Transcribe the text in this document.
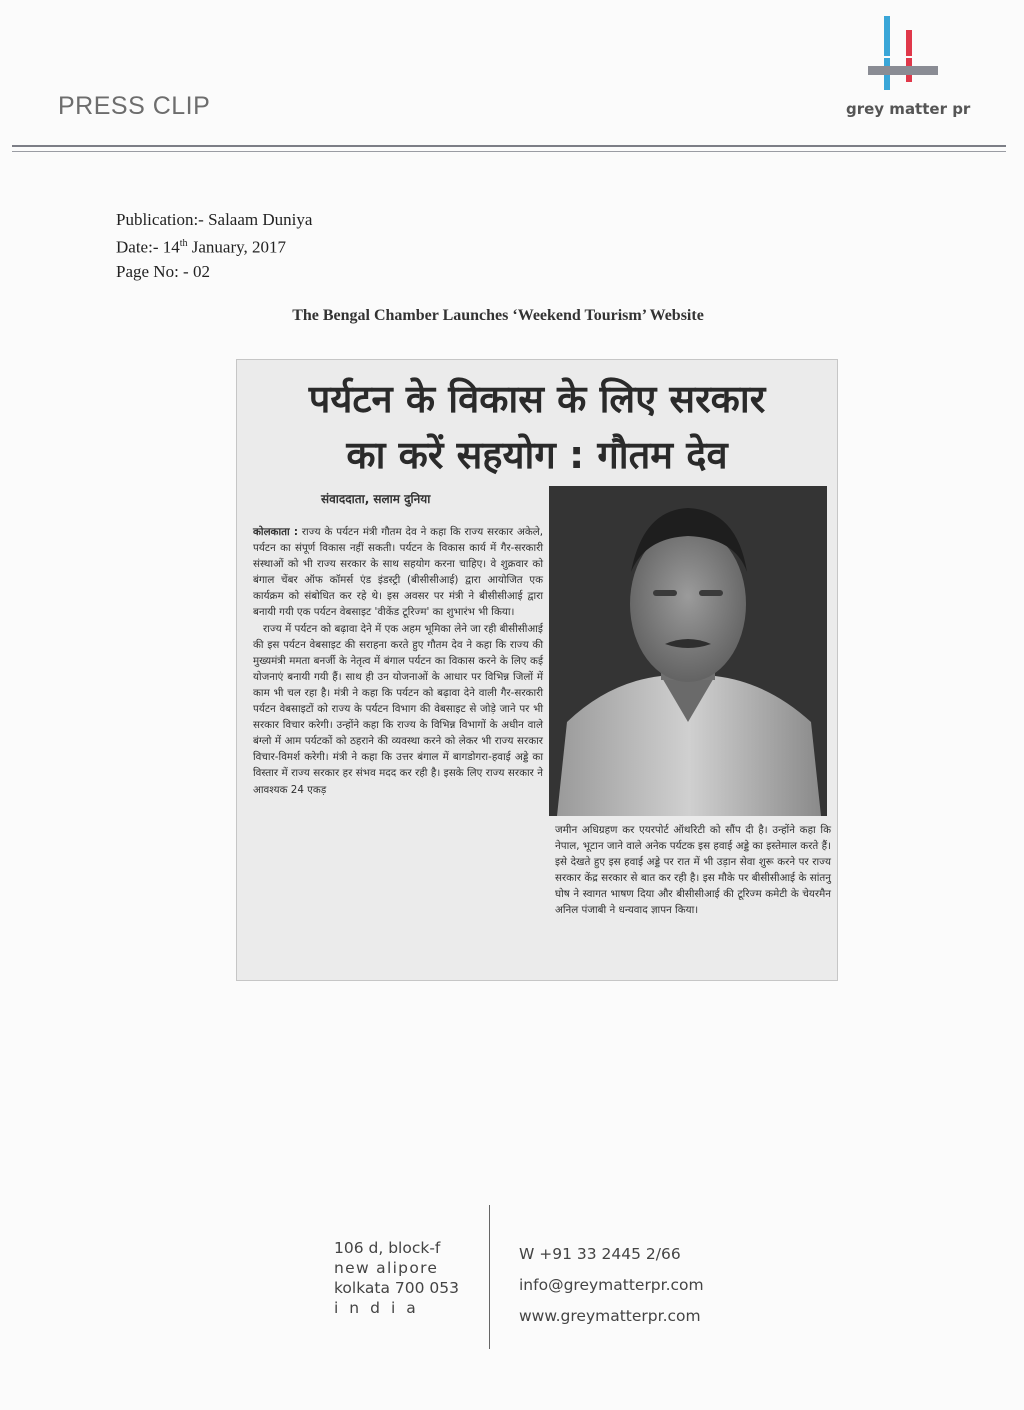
PRESS CLIP	grey matter pr
Publication:- Salaam Duniya
Date:- 14th January, 2017
Page No: - 02
The Bengal Chamber Launches ‘Weekend Tourism’ Website
पर्यटन के विकास के लिए सरकार
का करें सहयोग : गौतम देव
संवाददाता, सलाम दुनिया

कोलकाता : राज्य के पर्यटन मंत्री गौतम देव ने कहा कि राज्य सरकार अकेले, पर्यटन का संपूर्ण विकास नहीं सकती। पर्यटन के विकास कार्य में गैर-सरकारी संस्थाओं को भी राज्य सरकार के साथ सहयोग करना चाहिए। वे शुक्रवार को बंगाल चेंबर ऑफ कॉमर्स एंड इंडस्ट्री (बीसीसीआई) द्वारा आयोजित एक कार्यक्रम को संबोधित कर रहे थे। इस अवसर पर मंत्री ने बीसीसीआई द्वारा बनायी गयी एक पर्यटन वेबसाइट 'वीकेंड टूरिज्म' का शुभारंभ भी किया।

राज्य में पर्यटन को बढ़ावा देने में एक अहम भूमिका लेने जा रही बीसीसीआई की इस पर्यटन वेबसाइट की सराहना करते हुए गौतम देव ने कहा कि राज्य की मुख्यमंत्री ममता बनर्जी के नेतृत्व में बंगाल पर्यटन का विकास करने के लिए कई योजनाएं बनायी गयी हैं। साथ ही उन योजनाओं के आधार पर विभिन्न जिलों में काम भी चल रहा है। मंत्री ने कहा कि पर्यटन को बढ़ावा देने वाली गैर-सरकारी पर्यटन वेबसाइटों को राज्य के पर्यटन विभाग की वेबसाइट से जोड़े जाने पर भी सरकार विचार करेगी। उन्होंने कहा कि राज्य के विभिन्न विभागों के अधीन वाले बंग्लो में आम पर्यटकों को ठहराने की व्यवस्था करने को लेकर भी राज्य सरकार विचार-विमर्श करेगी। मंत्री ने कहा कि उत्तर बंगाल में बागडोगरा-हवाई अड्डे का विस्तार में राज्य सरकार हर संभव मदद कर रही है। इसके लिए राज्य सरकार ने आवश्यक 24 एकड़

जमीन अधिग्रहण कर एयरपोर्ट ऑथरिटी को सौंप दी है। उन्होंने कहा कि नेपाल, भूटान जाने वाले अनेक पर्यटक इस हवाई अड्डे का इस्तेमाल करते हैं। इसे देखते हुए इस हवाई अड्डे पर रात में भी उड़ान सेवा शुरू करने पर राज्य सरकार केंद्र सरकार से बात कर रही है। इस मौके पर बीसीसीआई के सांतनु घोष ने स्वागत भाषण दिया और बीसीसीआई की टूरिज्म कमेटी के चेयरमैन अनिल पंजाबी ने धन्यवाद ज्ञापन किया।

106 d, block-f
new alipore
kolkata 700 053
india
W +91 33 2445 2/66
info@greymatterpr.com
www.greymatterpr.com
